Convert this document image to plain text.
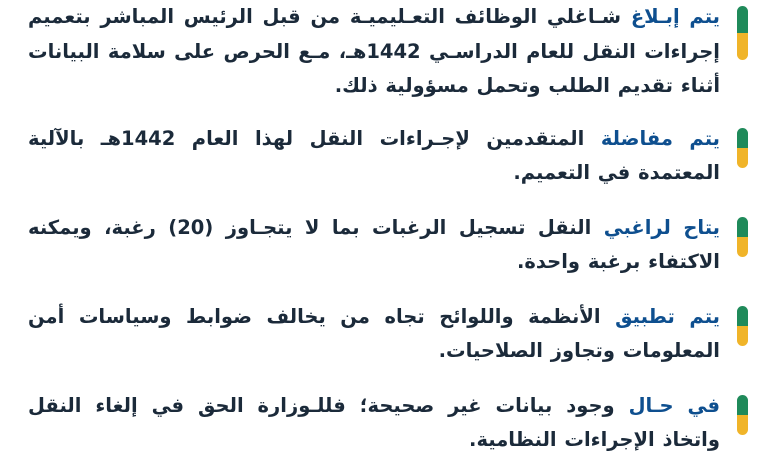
يتم إبـلاغ شـاغلي الوظائف التعـليميـة من قبل الرئيس المباشر بتعميم إجراءات النقل للعام الدراسـي 1442هـ، مـع الحرص على سلامة البيانات أثناء تقديم الطلب وتحمل مسؤولية ذلك.

يتم مفاضلة المتقدمين لإجـراءات النقل لهذا العام 1442هـ بالآلية المعتمدة في التعميم.

يتاح لراغبي النقل تسجيل الرغبات بما لا يتجـاوز (20) رغبة، ويمكنه الاكتفاء برغبة واحدة.

يتم تطبيق الأنظمة واللوائح تجاه من يخالف ضوابط وسياسات أمن المعلومات وتجاوز الصلاحيات.

في حـال وجود بيانات غير صحيحة؛ فللـوزارة الحق في إلغاء النقل واتخاذ الإجراءات النظامية.
